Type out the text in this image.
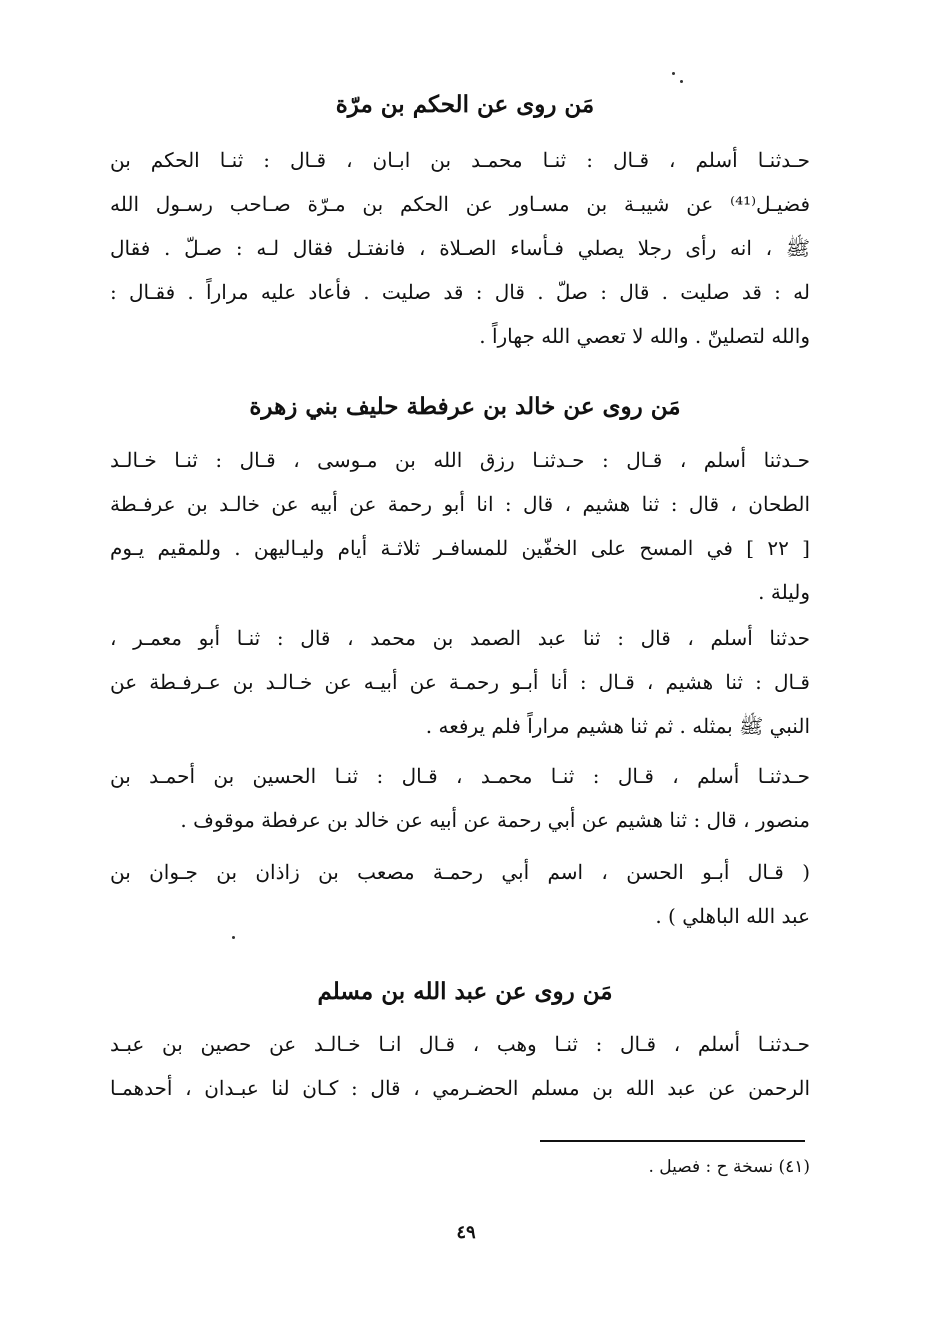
مَن روى عن الحكم بن مرّة
حـدثنـا أسلم ، قـال : ثنـا محمـد بن ابـان ، قـال : ثنـا الحكم بن
فضيـل⁽⁴¹⁾ عن شيبـة بن مسـاور عن الحكم بن مـرّة صـاحب رسـول الله
ﷺ ، انه رأى رجلا يصلي فـأساء الصـلاة ، فانفتـل فقال لـه : صـلّ . فقال
له : قد صليت . قال : صلّ . قال : قد صليت . فأعاد عليه مراراً . فقـال :
والله لتصلينّ . والله لا تعصي الله جهاراً .
مَن روى عن خالد بن عرفطة حليف بني زهرة
حـدثنا أسلم ، قـال : حـدثنـا رزق الله بن مـوسى ، قـال : ثنـا خـالـد
الطحان ، قال : ثنا هشيم ، قال : انا أبو رحمة عن أبيه عن خالـد بن عرفـطة
[ ٢٢ ] في المسح على الخفّين للمسافـر ثلاثـة أيام وليـاليهن . وللمقيم يـوم
وليلة .
حدثنا أسلم ، قال : ثنا عبد الصمد بن محمد ، قال : ثنـا أبو معمـر ،
قـال : ثنا هشيم ، قـال : أنا أبـو رحمـة عن أبيـه عن خـالـد بن عـرفـطة عن
النبي ﷺ بمثله . ثم ثنا هشيم مراراً فلم يرفعه .
حـدثنـا أسلم ، قـال : ثنـا محمـد ، قـال : ثنـا الحسين بن أحمـد بن
منصور ، قال : ثنا هشيم عن أبي رحمة عن أبيه عن خالد بن عرفطة موقوف .
( قـال أبـو الحسن ، اسم أبي رحمـة مصعب بن زاذان بن جـوان بن
عبد الله الباهلي ) .
مَن روى عن عبد الله بن مسلم
حـدثنـا أسلم ، قـال : ثنـا وهب ، قـال انـا خـالـد عن حصين بن عبـد
الرحمن عن عبد الله بن مسلم الحضـرمي ، قال : كـان لنا عبـدان ، أحدهمـا
(٤١) نسخة ح : فصيل .
٤٩
